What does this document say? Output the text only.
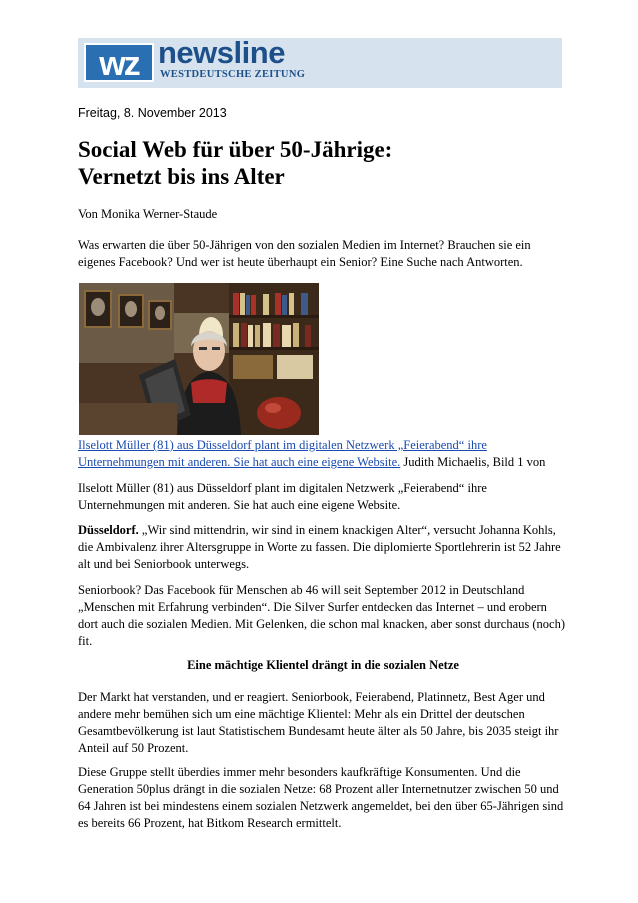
wz newsline
WESTDEUTSCHE ZEITUNG
Freitag, 8. November 2013
Social Web für über 50-Jährige:
Vernetzt bis ins Alter
Von Monika Werner-Staude

Was erwarten die über 50-Jährigen von den sozialen Medien im Internet? Brauchen sie ein eigenes Facebook? Und wer ist heute überhaupt ein Senior? Eine Suche nach Antworten.

Ilselott Müller (81) aus Düsseldorf plant im digitalen Netzwerk „Feierabend“ ihre Unternehmungen mit anderen. Sie hat auch eine eigene Website. Judith Michaelis, Bild 1 von

Ilselott Müller (81) aus Düsseldorf plant im digitalen Netzwerk „Feierabend“ ihre Unternehmungen mit anderen. Sie hat auch eine eigene Website.

Düsseldorf. „Wir sind mittendrin, wir sind in einem knackigen Alter“, versucht Johanna Kohls, die Ambivalenz ihrer Altersgruppe in Worte zu fassen. Die diplomierte Sportlehrerin ist 52 Jahre alt und bei Seniorbook unterwegs.

Seniorbook? Das Facebook für Menschen ab 46 will seit September 2012 in Deutschland „Menschen mit Erfahrung verbinden“. Die Silver Surfer entdecken das Internet – und erobern dort auch die sozialen Medien. Mit Gelenken, die schon mal knacken, aber sonst durchaus (noch) fit.

Eine mächtige Klientel drängt in die sozialen Netze

Der Markt hat verstanden, und er reagiert. Seniorbook, Feierabend, Platinnetz, Best Ager und andere mehr bemühen sich um eine mächtige Klientel: Mehr als ein Drittel der deutschen Gesamtbevölkerung ist laut Statistischem Bundesamt heute älter als 50 Jahre, bis 2035 steigt ihr Anteil auf 50 Prozent.

Diese Gruppe stellt überdies immer mehr besonders kaufkräftige Konsumenten. Und die Generation 50plus drängt in die sozialen Netze: 68 Prozent aller Internetnutzer zwischen 50 und 64 Jahren ist bei mindestens einem sozialen Netzwerk angemeldet, bei den über 65-Jährigen sind es bereits 66 Prozent, hat Bitkom Research ermittelt.
